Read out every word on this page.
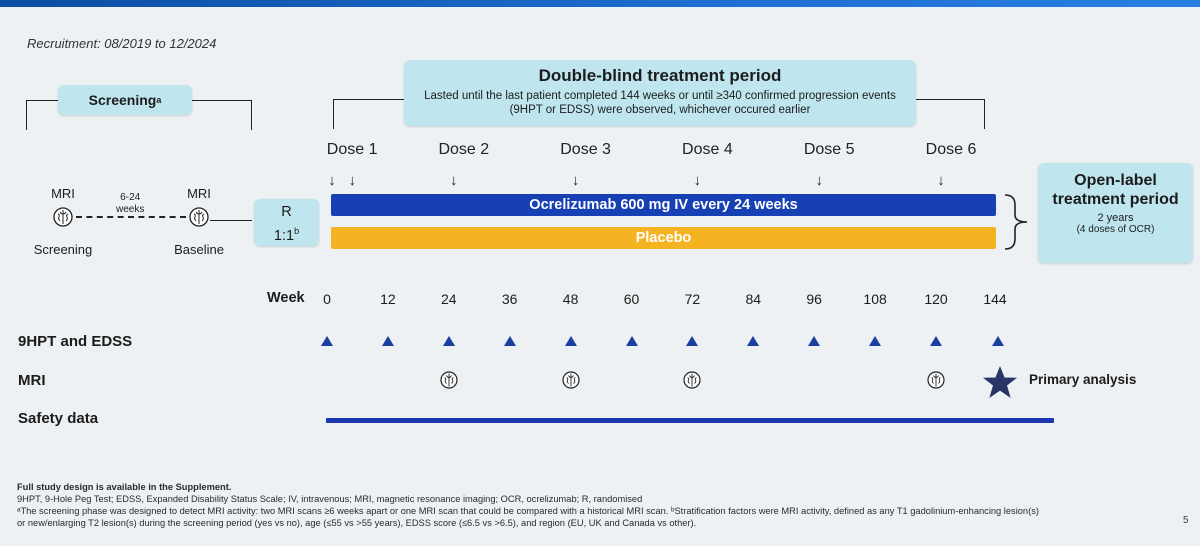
Recruitment: 08/2019 to 12/2024
Screening a
MRI	MRI
6-24
weeks
Screening	Baseline
R
1:1$^b$
Double-blind treatment period
Lasted until the last patient completed 144 weeks or until ≥340 confirmed progression events (9HPT or EDSS) were observed, whichever occured earlier
Dose 1	Dose 2	Dose 3	Dose 4	Dose 5	Dose 6
↓ ↓	↓	↓	↓	↓	↓
Ocrelizumab 600 mg IV every 24 weeks
Placebo
Open-label treatment period
2 years
(4 doses of OCR)
Week 0	12	24	36	48	60	72	84	96	108	120	144
9HPT and EDSS
MRI	Primary analysis
Safety data
Full study design is available in the Supplement.
9HPT, 9-Hole Peg Test; EDSS, Expanded Disability Status Scale; IV, intravenous; MRI, magnetic resonance imaging; OCR, ocrelizumab; R, randomised
ᵃThe screening phase was designed to detect MRI activity: two MRI scans ≥6 weeks apart or one MRI scan that could be compared with a historical MRI scan. ᵇStratification factors were MRI activity, defined as any T1 gadolinium-enhancing lesion(s)
or new/enlarging T2 lesion(s) during the screening period (yes vs no), age (≤55 vs >55 years), EDSS score (≤6.5 vs >6.5), and region (EU, UK and Canada vs other).	5
